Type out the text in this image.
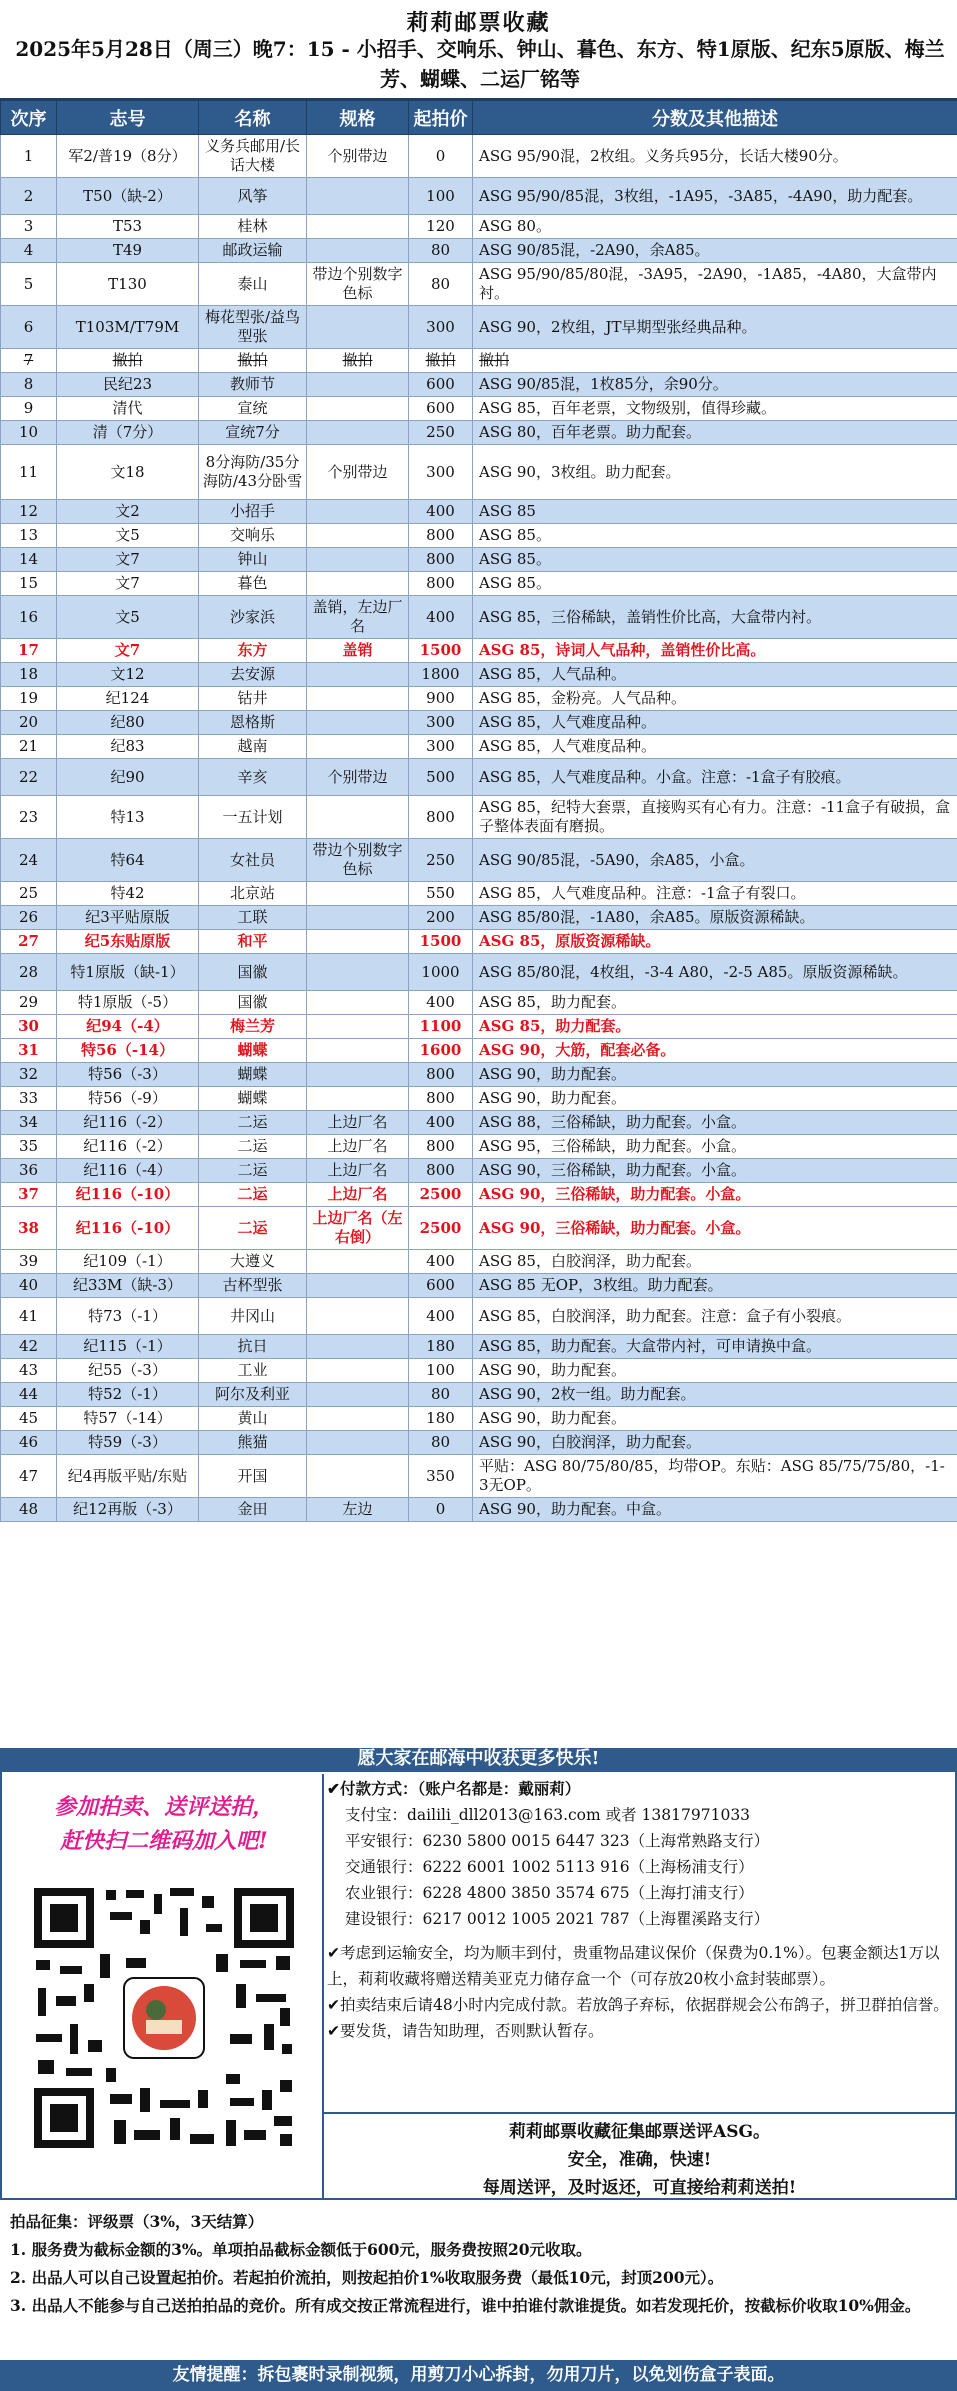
莉莉邮票收藏
2025年5月28日（周三）晚7：15 - 小招手、交响乐、钟山、暮色、东方、特1原版、纪东5原版、梅兰芳、蝴蝶、二运厂铭等
次序	志号	名称	规格	起拍价	分数及其他描述
1	军2/普19（8分）	义务兵邮用/长话大楼	个别带边	0	ASG 95/90混，2枚组。义务兵95分，长话大楼90分。
2	T50（缺-2）	风筝		100	ASG 95/90/85混，3枚组，-1A95，-3A85，-4A90，助力配套。
3	T53	桂林		120	ASG 80。
4	T49	邮政运输		80	ASG 90/85混，-2A90，余A85。
5	T130	泰山	带边个别数字色标	80	ASG 95/90/85/80混，-3A95，-2A90，-1A85，-4A80，大盒带内衬。
6	T103M/T79M	梅花型张/益鸟型张		300	ASG 90，2枚组，JT早期型张经典品种。
7	撤拍	撤拍	撤拍	撤拍	撤拍
8	民纪23	教师节		600	ASG 90/85混，1枚85分，余90分。
9	清代	宣统		600	ASG 85，百年老票，文物级别，值得珍藏。
10	清（7分）	宣统7分		250	ASG 80，百年老票。助力配套。
11	文18	8分海防/35分海防/43分卧雪	个别带边	300	ASG 90，3枚组。助力配套。
12	文2	小招手		400	ASG 85
13	文5	交响乐		800	ASG 85。
14	文7	钟山		800	ASG 85。
15	文7	暮色		800	ASG 85。
16	文5	沙家浜	盖销，左边厂名	400	ASG 85，三俗稀缺，盖销性价比高，大盒带内衬。
17	文7	东方	盖销	1500	ASG 85，诗词人气品种，盖销性价比高。
18	文12	去安源		1800	ASG 85，人气品种。
19	纪124	钴井		900	ASG 85，金粉亮。人气品种。
20	纪80	恩格斯		300	ASG 85，人气难度品种。
21	纪83	越南		300	ASG 85，人气难度品种。
22	纪90	辛亥	个别带边	500	ASG 85，人气难度品种。小盒。注意：-1盒子有胶痕。
23	特13	一五计划		800	ASG 85，纪特大套票，直接购买有心有力。注意：-11盒子有破损，盒子整体表面有磨损。
24	特64	女社员	带边个别数字色标	250	ASG 90/85混，-5A90，余A85，小盒。
25	特42	北京站		550	ASG 85，人气难度品种。注意：-1盒子有裂口。
26	纪3平贴原版	工联		200	ASG 85/80混，-1A80，余A85。原版资源稀缺。
27	纪5东贴原版	和平		1500	ASG 85，原版资源稀缺。
28	特1原版（缺-1）	国徽		1000	ASG 85/80混，4枚组，-3-4 A80，-2-5 A85。原版资源稀缺。
29	特1原版（-5）	国徽		400	ASG 85，助力配套。
30	纪94（-4）	梅兰芳		1100	ASG 85，助力配套。
31	特56（-14）	蝴蝶		1600	ASG 90，大筋，配套必备。
32	特56（-3）	蝴蝶		800	ASG 90，助力配套。
33	特56（-9）	蝴蝶		800	ASG 90，助力配套。
34	纪116（-2）	二运	上边厂名	400	ASG 88，三俗稀缺，助力配套。小盒。
35	纪116（-2）	二运	上边厂名	800	ASG 95，三俗稀缺，助力配套。小盒。
36	纪116（-4）	二运	上边厂名	800	ASG 90，三俗稀缺，助力配套。小盒。
37	纪116（-10）	二运	上边厂名	2500	ASG 90，三俗稀缺，助力配套。小盒。
38	纪116（-10）	二运	上边厂名（左右倒）	2500	ASG 90，三俗稀缺，助力配套。小盒。
39	纪109（-1）	大遵义		400	ASG 85，白胶润泽，助力配套。
40	纪33M（缺-3）	古杯型张		600	ASG 85 无OP，3枚组。助力配套。
41	特73（-1）	井冈山		400	ASG 85，白胶润泽，助力配套。注意：盒子有小裂痕。
42	纪115（-1）	抗日		180	ASG 85，助力配套。大盒带内衬，可申请换中盒。
43	纪55（-3）	工业		100	ASG 90，助力配套。
44	特52（-1）	阿尔及利亚		80	ASG 90，2枚一组。助力配套。
45	特57（-14）	黄山		180	ASG 90，助力配套。
46	特59（-3）	熊猫		80	ASG 90，白胶润泽，助力配套。
47	纪4再版平贴/东贴	开国		350	平贴：ASG 80/75/80/85，均带OP。东贴：ASG 85/75/75/80，-1-3无OP。
48	纪12再版（-3）	金田	左边	0	ASG 90，助力配套。中盒。
愿大家在邮海中收获更多快乐!
参加拍卖、送评送拍，
赶快扫二维码加入吧!
✔付款方式：（账户名都是：戴丽莉）
支付宝：dailili_dll2013@163.com 或者 13817971033
平安银行：6230 5800 0015 6447 323（上海常熟路支行）
交通银行：6222 6001 1002 5113 916（上海杨浦支行）
农业银行：6228 4800 3850 3574 675（上海打浦支行）
建设银行：6217 0012 1005 2021 787（上海瞿溪路支行）
✔考虑到运输安全，均为顺丰到付，贵重物品建议保价（保费为0.1%）。包裹金额达1万以上，莉莉收藏将赠送精美亚克力储存盒一个（可存放20枚小盒封装邮票）。
✔拍卖结束后请48小时内完成付款。若放鸽子弃标，依据群规会公布鸽子，拼卫群拍信誉。
✔要发货，请告知助理，否则默认暂存。
莉莉邮票收藏征集邮票送评ASG。
安全，准确，快速!
每周送评，及时返还，可直接给莉莉送拍!
拍品征集：评级票（3%，3天结算）
1. 服务费为截标金额的3%。单项拍品截标金额低于600元，服务费按照20元收取。
2. 出品人可以自己设置起拍价。若起拍价流拍，则按起拍价1%收取服务费（最低10元，封顶200元）。
3. 出品人不能参与自己送拍拍品的竞价。所有成交按正常流程进行，谁中拍谁付款谁提货。如若发现托价，按截标价收取10%佣金。
友情提醒：拆包裹时录制视频，用剪刀小心拆封，勿用刀片，以免划伤盒子表面。
